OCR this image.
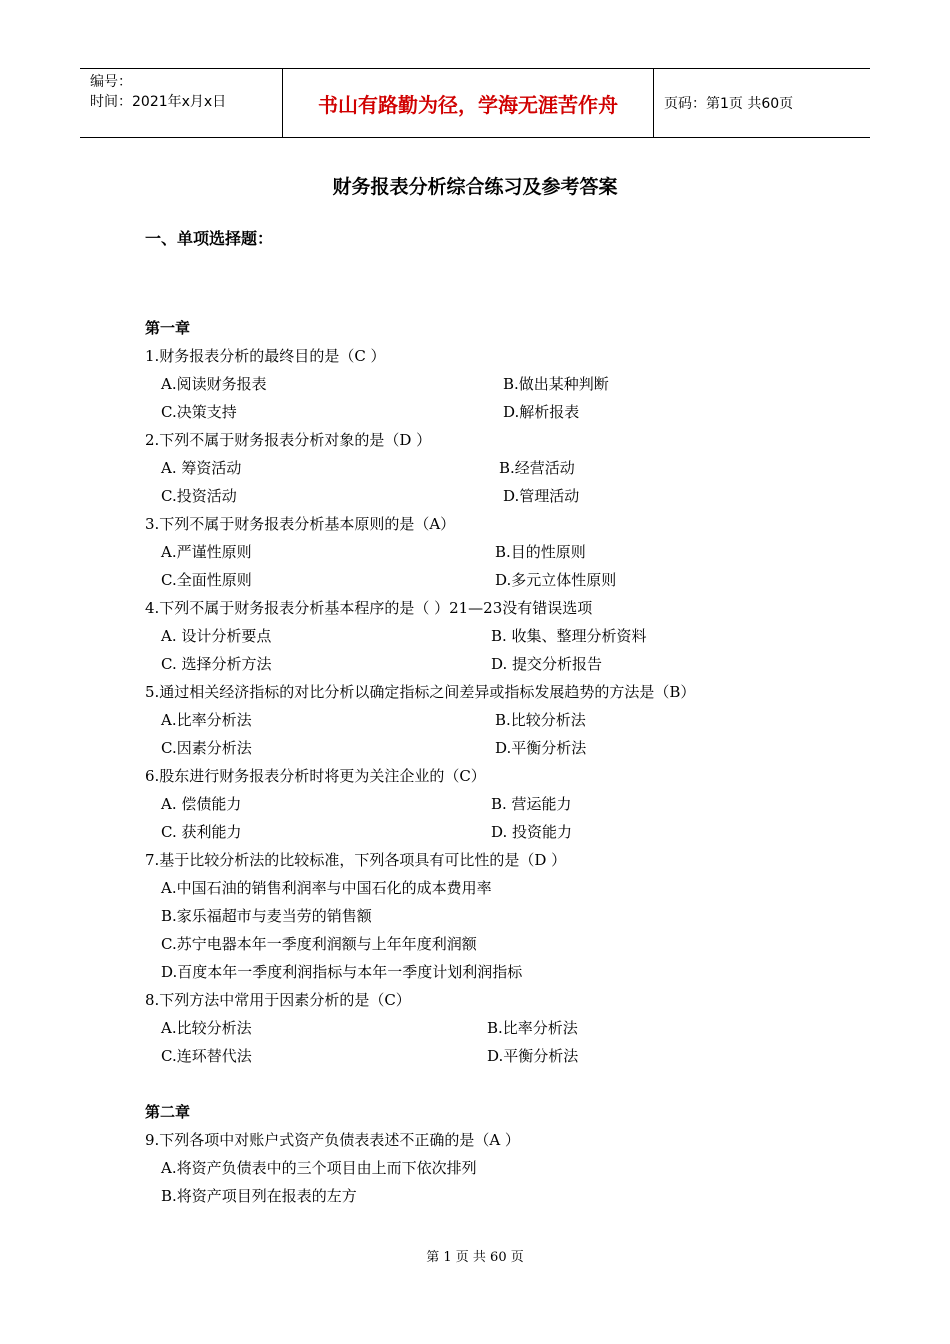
编号：
时间：2021年x月x日	书山有路勤为径，学海无涯苦作舟	页码：第1页 共60页
财务报表分析综合练习及参考答案
一、单项选择题：
第一章
1.财务报表分析的最终目的是（C ）
A.阅读财务报表	B.做出某种判断
C.决策支持	D.解析报表
2.下列不属于财务报表分析对象的是（D ）
A. 筹资活动	B.经营活动
C.投资活动	D.管理活动
3.下列不属于财务报表分析基本原则的是（A）
A.严谨性原则	B.目的性原则
C.全面性原则	D.多元立体性原则
4.下列不属于财务报表分析基本程序的是（ ）21—23没有错误选项
A. 设计分析要点	B. 收集、整理分析资料
C. 选择分析方法	D. 提交分析报告
5.通过相关经济指标的对比分析以确定指标之间差异或指标发展趋势的方法是（B）
A.比率分析法	B.比较分析法
C.因素分析法	D.平衡分析法
6.股东进行财务报表分析时将更为关注企业的（C）
A. 偿债能力	B. 营运能力
C. 获利能力	D. 投资能力
7.基于比较分析法的比较标准，下列各项具有可比性的是（D ）
A.中国石油的销售利润率与中国石化的成本费用率
B.家乐福超市与麦当劳的销售额
C.苏宁电器本年一季度利润额与上年年度利润额
D.百度本年一季度利润指标与本年一季度计划利润指标
8.下列方法中常用于因素分析的是（C）
A.比较分析法	B.比率分析法
C.连环替代法	D.平衡分析法
第二章
9.下列各项中对账户式资产负债表表述不正确的是（A ）
A.将资产负债表中的三个项目由上而下依次排列
B.将资产项目列在报表的左方
第 1 页 共 60 页
